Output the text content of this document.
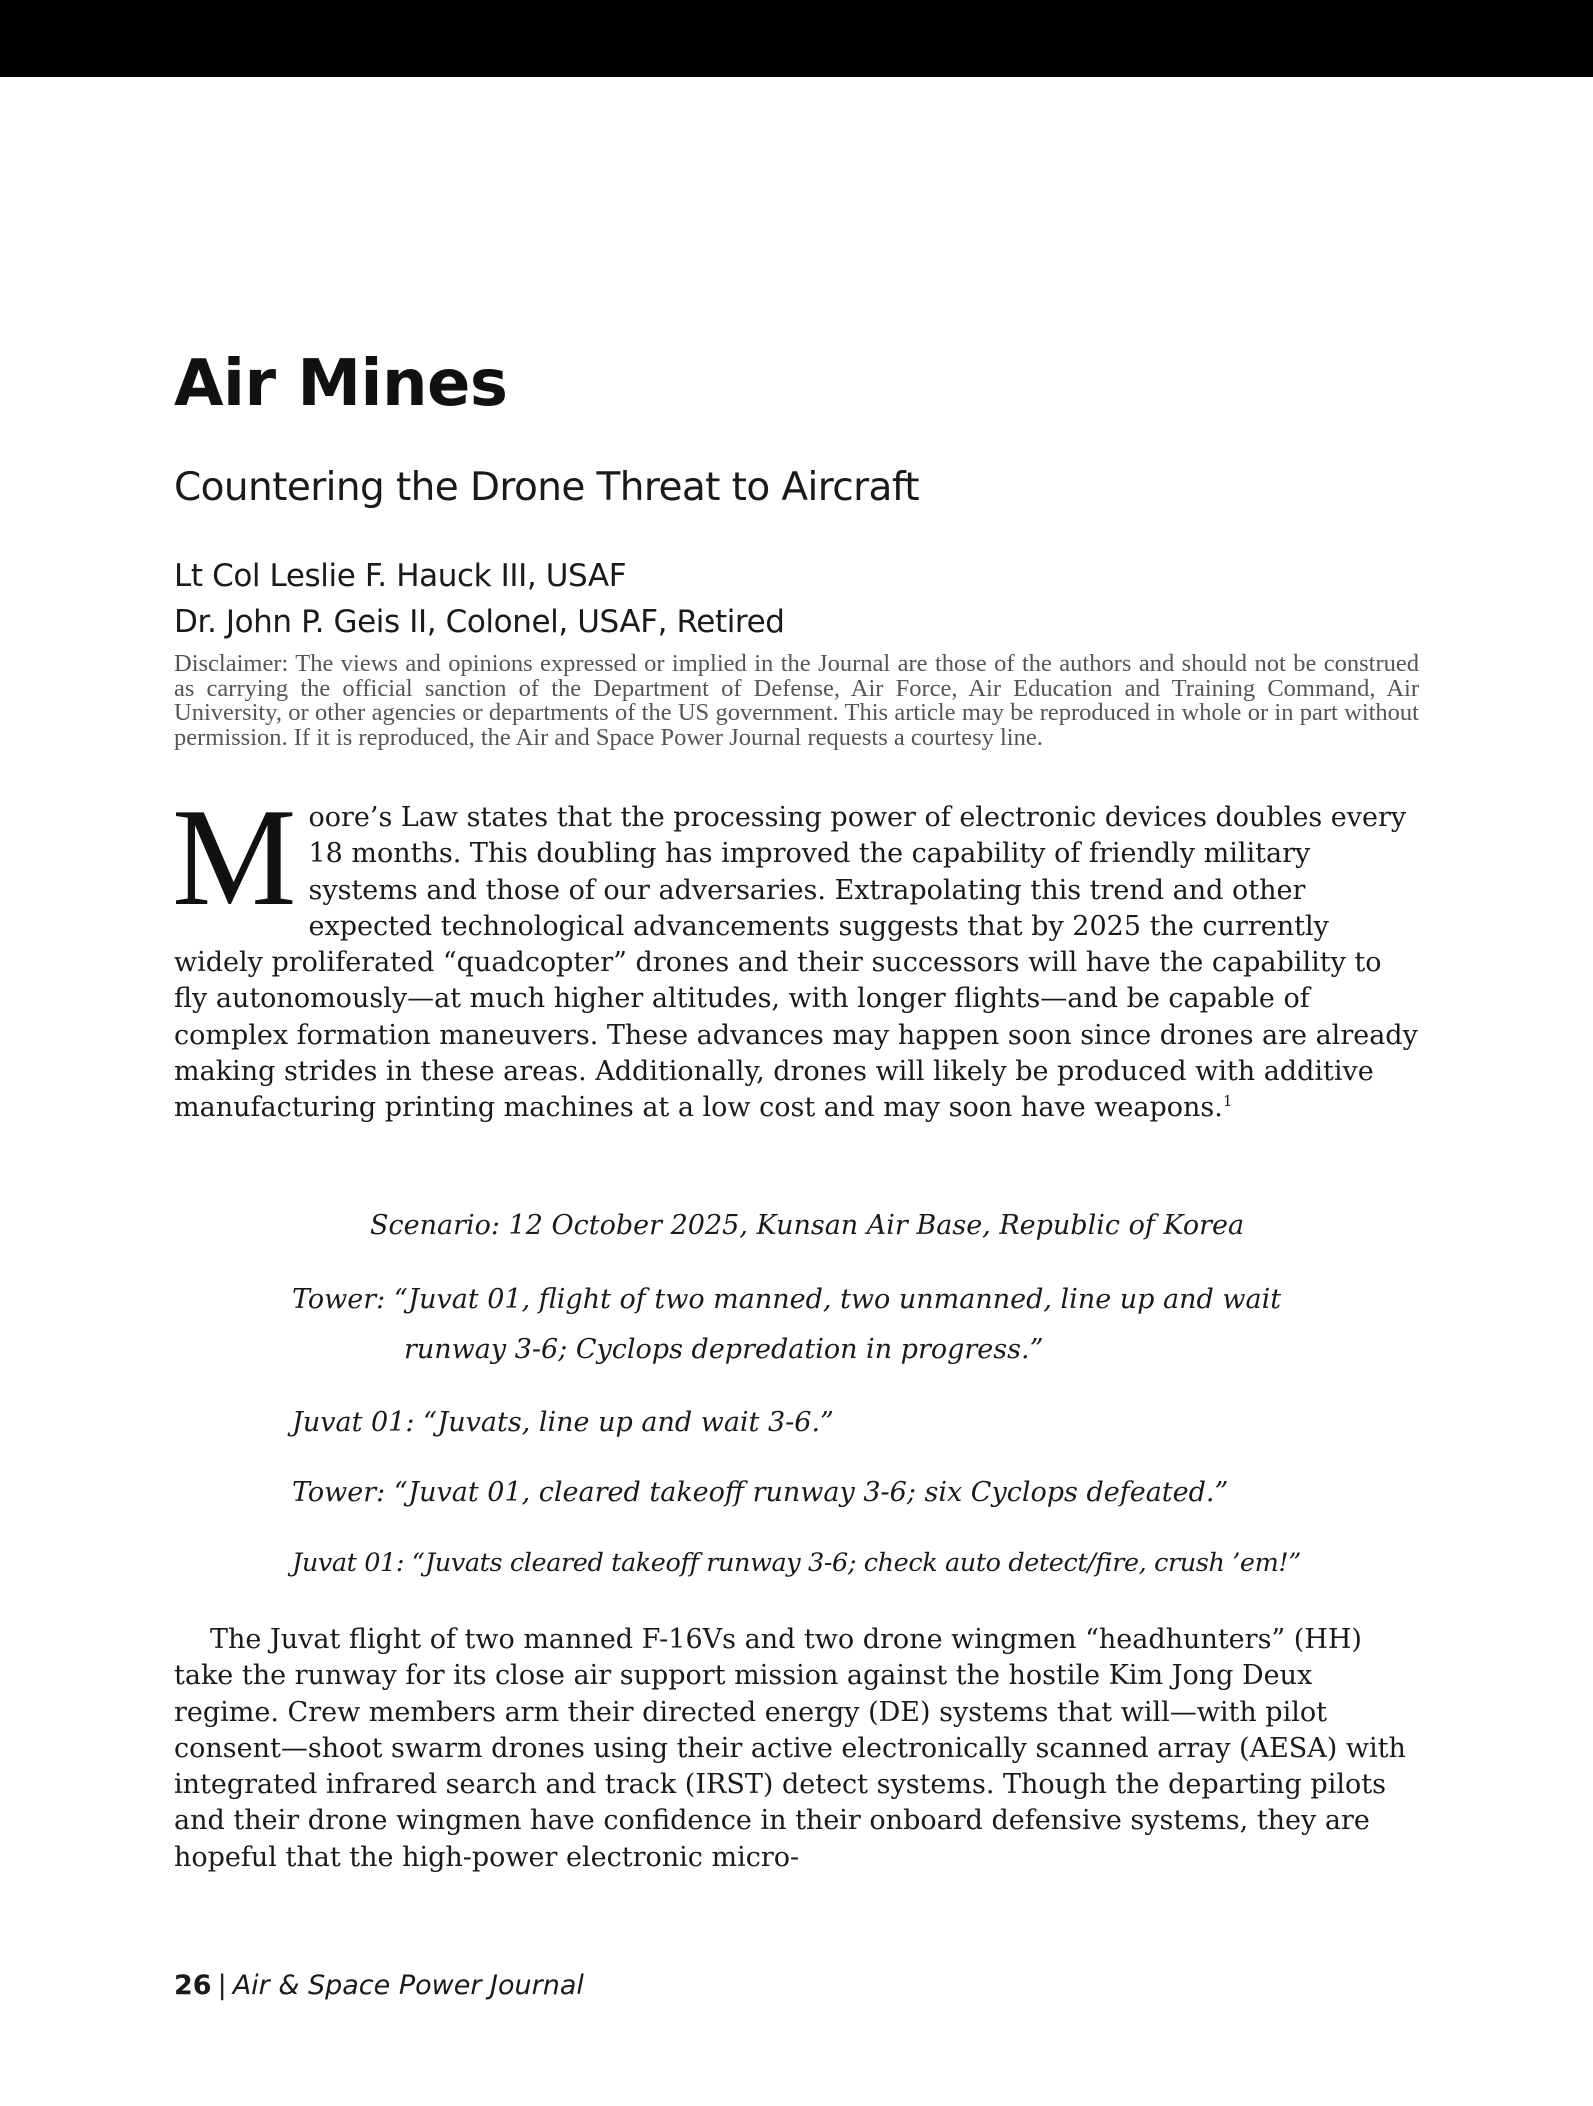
Air Mines
Countering the Drone Threat to Aircraft

Lt Col Leslie F. Hauck III, USAF

Dr. John P. Geis II, Colonel, USAF, Retired

Disclaimer: The views and opinions expressed or implied in the Journal are those of the authors and should not be construed as carrying the official sanction of the Department of Defense, Air Force, Air Education and Training Command, Air University, or other agencies or departments of the US government. This article may be reproduced in whole or in part without permission. If it is reproduced, the Air and Space Power Journal requests a courtesy line.

Moore’s Law states that the processing power of electronic devices doubles every 18 months. This doubling has improved the capability of friendly military systems and those of our adversaries. Extrapolating this trend and other expected technological advancements suggests that by 2025 the currently widely proliferated “quadcopter” drones and their successors will have the capability to fly autonomously—at much higher altitudes, with longer flights—and be capable of complex formation maneuvers. These advances may happen soon since drones are already making strides in these areas. Additionally, drones will likely be produced with additive manufacturing printing machines at a low cost and may soon have weapons.$^1$

Scenario: 12 October 2025, Kunsan Air Base, Republic of Korea

Tower: “Juvat 01, flight of two manned, two unmanned, line up and wait
runway 3-6; Cyclops depredation in progress.”

Juvat 01: “Juvats, line up and wait 3-6.”

Tower: “Juvat 01, cleared takeoff runway 3-6; six Cyclops defeated.”

Juvat 01: “Juvats cleared takeoff runway 3-6; check auto detect/fire, crush ’em!”

The Juvat flight of two manned F-16Vs and two drone wingmen “headhunters” (HH) take the runway for its close air support mission against the hostile Kim Jong Deux regime. Crew members arm their directed energy (DE) systems that will—with pilot consent—shoot swarm drones using their active electronically scanned array (AESA) with integrated infrared search and track (IRST) detect systems. Though the departing pilots and their drone wingmen have confidence in their onboard defensive systems, they are hopeful that the high-power electronic micro-

26 | Air & Space Power Journal
